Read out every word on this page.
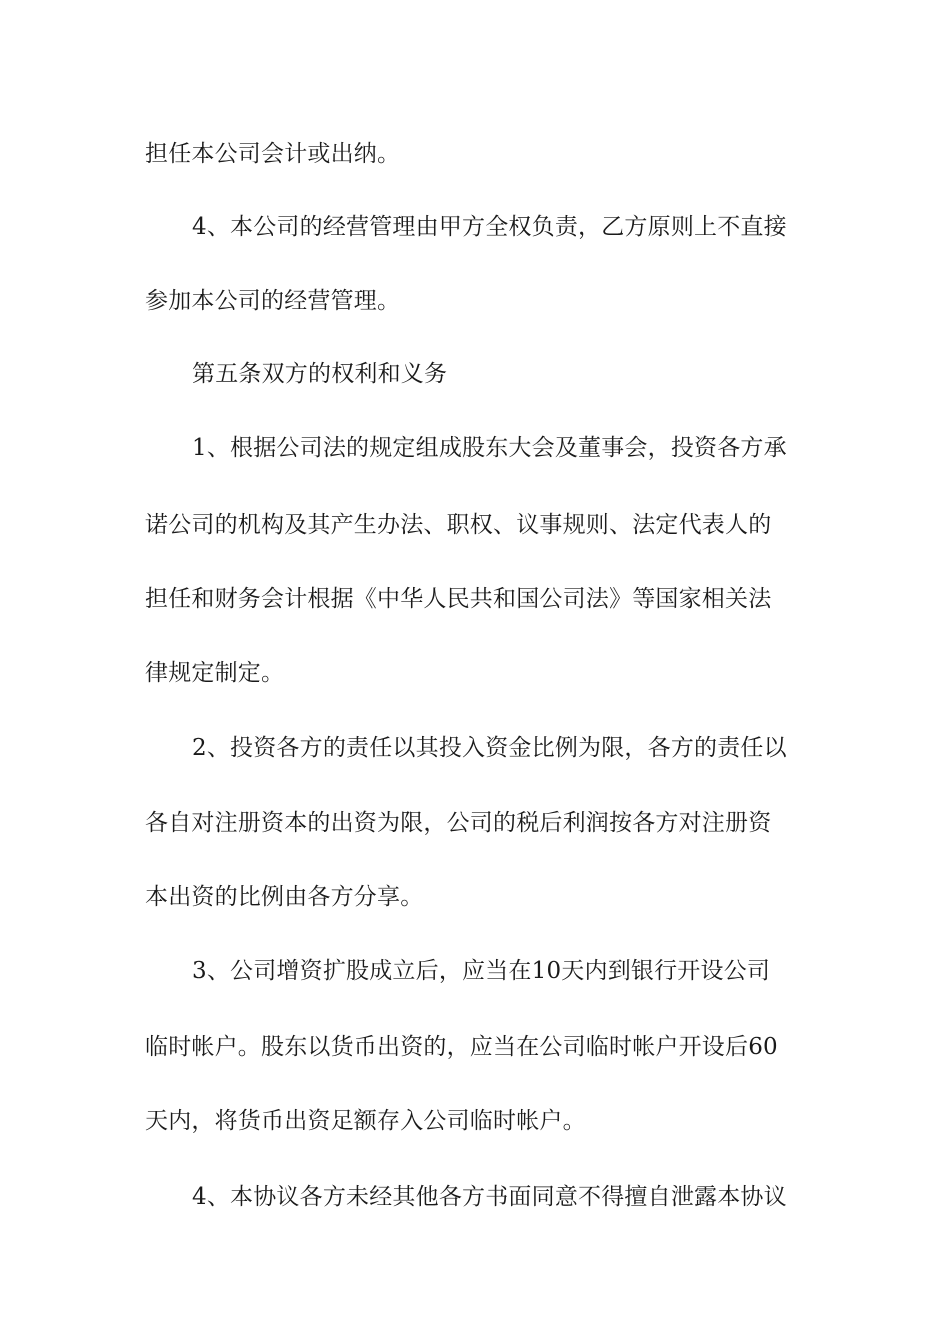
担任本公司会计或出纳。
4、本公司的经营管理由甲方全权负责，乙方原则上不直接
参加本公司的经营管理。
第五条双方的权利和义务
1、根据公司法的规定组成股东大会及董事会，投资各方承
诺公司的机构及其产生办法、职权、议事规则、法定代表人的
担任和财务会计根据《中华人民共和国公司法》等国家相关法
律规定制定。
2、投资各方的责任以其投入资金比例为限，各方的责任以
各自对注册资本的出资为限，公司的税后利润按各方对注册资
本出资的比例由各方分享。
3、公司增资扩股成立后，应当在10天内到银行开设公司
临时帐户。股东以货币出资的，应当在公司临时帐户开设后60
天内，将货币出资足额存入公司临时帐户。
4、本协议各方未经其他各方书面同意不得擅自泄露本协议
